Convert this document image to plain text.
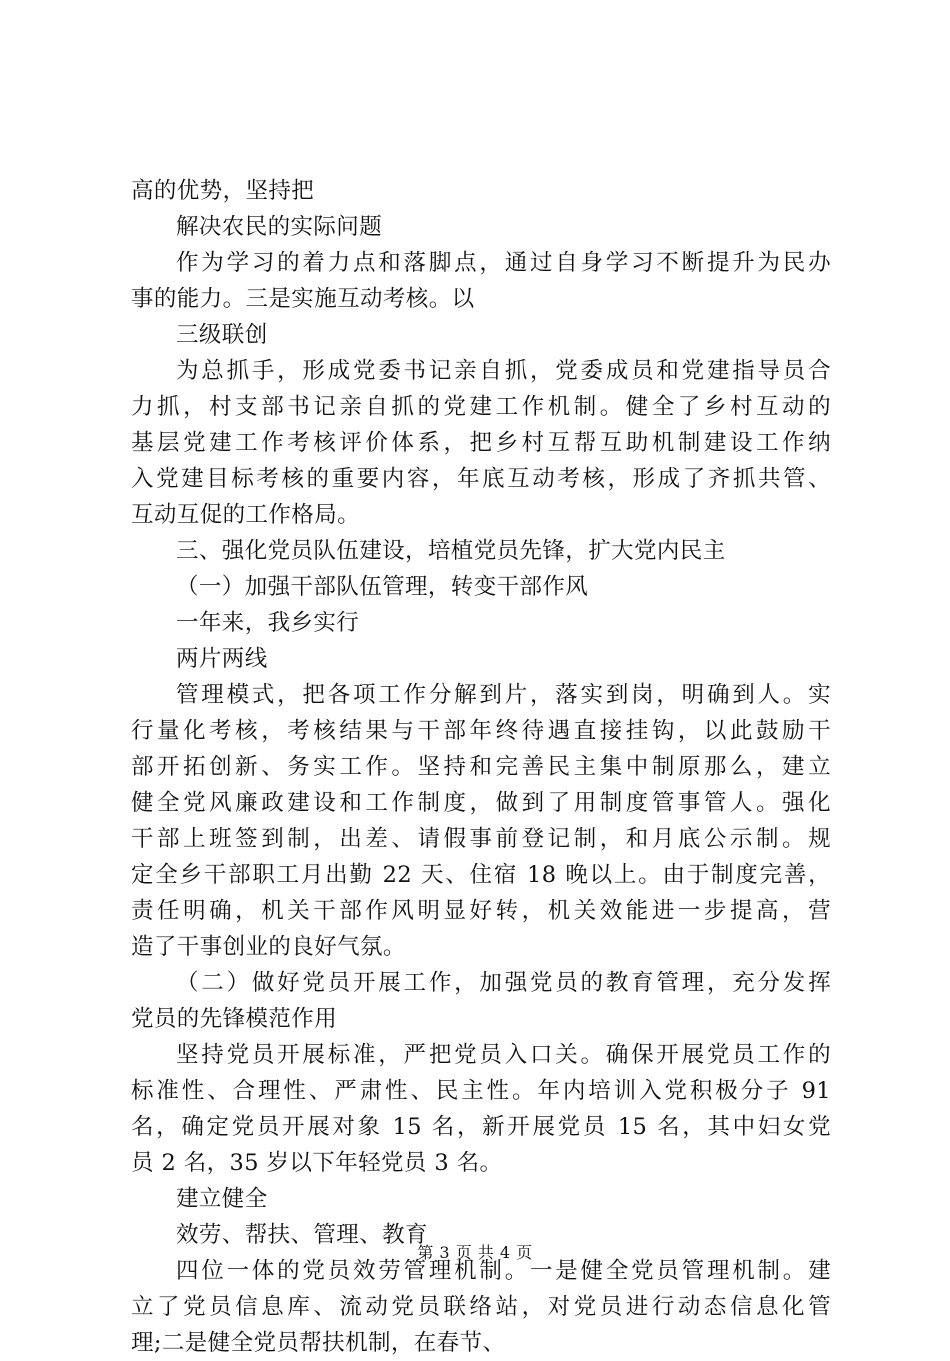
高的优势，坚持把
解决农民的实际问题
作为学习的着力点和落脚点，通过自身学习不断提升为民办
事的能力。三是实施互动考核。以
三级联创
为总抓手，形成党委书记亲自抓，党委成员和党建指导员合
力抓，村支部书记亲自抓的党建工作机制。健全了乡村互动的
基层党建工作考核评价体系，把乡村互帮互助机制建设工作纳
入党建目标考核的重要内容，年底互动考核，形成了齐抓共管、
互动互促的工作格局。
三、强化党员队伍建设，培植党员先锋，扩大党内民主
（一）加强干部队伍管理，转变干部作风
一年来，我乡实行
两片两线
管理模式，把各项工作分解到片，落实到岗，明确到人。实
行量化考核，考核结果与干部年终待遇直接挂钩，以此鼓励干
部开拓创新、务实工作。坚持和完善民主集中制原那么，建立
健全党风廉政建设和工作制度，做到了用制度管事管人。强化
干部上班签到制，出差、请假事前登记制，和月底公示制。规
定全乡干部职工月出勤 22 天、住宿 18 晚以上。由于制度完善，
责任明确，机关干部作风明显好转，机关效能进一步提高，营
造了干事创业的良好气氛。
（二）做好党员开展工作，加强党员的教育管理，充分发挥
党员的先锋模范作用
坚持党员开展标准，严把党员入口关。确保开展党员工作的
标准性、合理性、严肃性、民主性。年内培训入党积极分子 91
名，确定党员开展对象 15 名，新开展党员 15 名，其中妇女党
员 2 名，35 岁以下年轻党员 3 名。
建立健全
效劳、帮扶、管理、教育
四位一体的党员效劳管理机制。一是健全党员管理机制。建
立了党员信息库、流动党员联络站，对党员进行动态信息化管
理;二是健全党员帮扶机制，在春节、
第 3 页 共 4 页
